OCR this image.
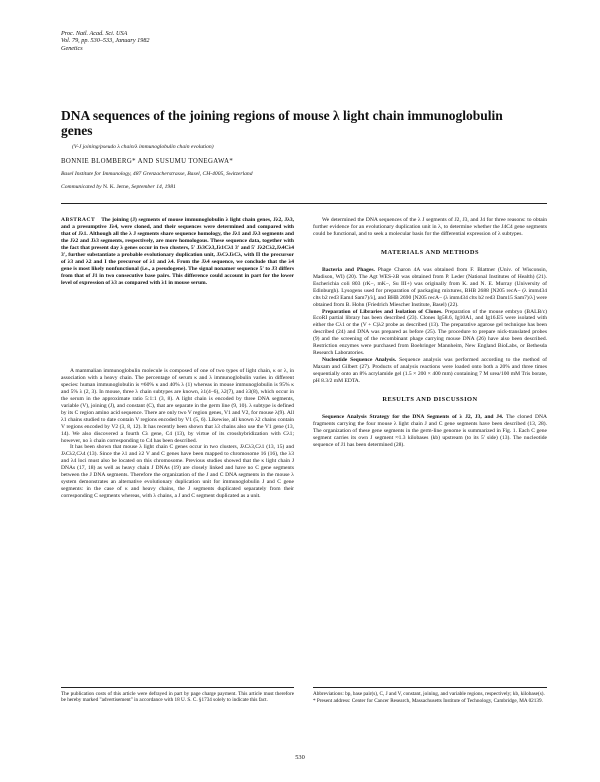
Proc. Natl. Acad. Sci. USA
Vol. 79, pp. 530–533, January 1982
Genetics
DNA sequences of the joining regions of mouse λ light chain immunoglobulin genes
(V-J joining/pseudo λ chain/λ immunoglobulin chain evolution)
BONNIE BLOMBERG* AND SUSUMU TONEGAWA*
Basel Institute for Immunology, 487 Grenzacherstrasse, Basel, CH-4005, Switzerland
Communicated by N. K. Jerne, September 14, 1981

ABSTRACT The joining (J) segments of mouse immunoglobulin λ light chain genes, Jλ2, Jλ3, and a presumptive Jλ4, were cloned, and their sequences were determined and compared with that of Jλ1. Although all the λ J segments share sequence homology, the Jλ1 and Jλ3 segments and the Jλ2 and Jλ3 segments, respectively, are more homologous. These sequence data, together with the fact that present day λ genes occur in two clusters, 5' Jλ3Cλ3,Jλ1Cλ1 3' and 5' Jλ2Cλ2,Jλ4Cλ4 3', further substantiate a probable evolutionary duplication unit, JλCλJλCλ, with Π the precursor of λ3 and λ2 and I the precursor of λ1 and λ4. From the Jλ4 sequence, we conclude that the λ4 gene is most likely nonfunctional (i.e., a pseudogene). The signal nonamer sequence 5' to J3 differs from that of J1 in two consecutive base pairs. This difference could account in part for the lower level of expression of λ3 as compared with λ1 in mouse serum.

A mammalian immunoglobulin molecule is composed of one of two types of light chain, κ or λ, in association with a heavy chain. The percentage of serum κ and λ immunoglobulin varies in different species: human immunoglobulin is ≈60% κ and 40% λ (1) whereas in mouse immunoglobulin is 95% κ and 5% λ (2, 3). In mouse, three λ chain subtypes are known, λ1(4–6), λ2(7), and λ3(8), which occur in the serum in the approximate ratio 5:1:1 (3, 8). A light chain is encoded by three DNA segments, variable (V), joining (J), and constant (C), that are separate in the germ line (9, 10). λ subtype is defined by its C region amino acid sequence. There are only two V region genes, V1 and V2, for mouse λ(9). All λ1 chains studied to date contain V regions encoded by V1 (5, 6). Likewise, all known λ2 chains contain V regions encoded by V2 (3, 8, 12). It has recently been shown that λ3 chains also use the V1 gene (13, 14). We also discovered a fourth Cλ gene, C4 (13), by virtue of its crosshybridization with Cλ1; however, no λ chain corresponding to C4 has been described.

It has been shown that mouse λ light chain C genes occur in two clusters, JλCλ3,Cλ1 (13, 15) and JλCλ2,Cλ4 (13). Since the λ1 and λ2 V and C genes have been mapped to chromosome 16 (16), the λ3 and λ4 loci must also be located on this chromosome. Previous studies showed that the κ light chain J DNAs (17, 18) as well as heavy chain J DNAs (19) are closely linked and have no C gene segments between the J DNA segments. Therefore the organization of the J and C DNA segments in the mouse λ system demonstrates an alternative evolutionary duplication unit for immunoglobulin J and C gene segments: in the case of κ and heavy chains, the J segments duplicated separately from their corresponding C segments whereas, with λ chains, a J and C segment duplicated as a unit.

The publication costs of this article were defrayed in part by page charge payment. This article must therefore be hereby marked "advertisement" in accordance with 18 U. S. C. §1734 solely to indicate this fact.

We determined the DNA sequences of the λ J segments of J2, J3, and J4 for three reasons: to obtain further evidence for an evolutionary duplication unit in λ, to determine whether the J4C4 gene segments could be functional, and to seek a molecular basis for the differential expression of λ subtypes.

MATERIALS AND METHODS

Bacteria and Phages. Phage Charon 4A was obtained from F. Blattner (Univ. of Wisconsin, Madison, WI) (20). The Agt WES-λB was obtained from P. Leder (National Institutes of Health) (21). Escherichia coli 803 (rK−, mK−, Su III+) was originally from K. and N. E. Murray (University of Edinburgh). Lysogens used for preparation of packaging mixtures, BHB 2688 [N205 recA− (λ imm434 clts b2 red3 Eam4 Sam7)/λ], and BHB 2690 [N205 recA− (λ imm434 clts b2 red3 Dam15 Sam7)/λ] were obtained from B. Hohn (Friedrich Miescher Institute, Basel) (22).

Preparation of Libraries and Isolation of Clones. Preparation of the mouse embryo (BALB/c) EcoRI partial library has been described (23). Clones Ig58.6, Ig10A1, and Ig16.E5 were isolated with either the Cλ1 or the (V + C)λ2 probe as described (13). The preparative agarose gel technique has been described (24) and DNA was prepared as before (25). The procedure to prepare nick-translated probes (9) and the screening of the recombinant phage carrying mouse DNA (26) have also been described. Restriction enzymes were purchased from Boehringer Mannheim, New England BioLabs, or Bethesda Research Laboratories.

Nucleotide Sequence Analysis. Sequence analysis was performed according to the method of Maxam and Gilbert (27). Products of analysis reactions were loaded onto both a 20% and three times sequentially onto an 8% acrylamide gel (1.5 × 200 × 400 mm) containing 7 M urea/100 mM Tris borate, pH 8.3/2 mM EDTA.

RESULTS AND DISCUSSION

Sequence Analysis Strategy for the DNA Segments of λ J2, J3, and J4. The cloned DNA fragments carrying the four mouse λ light chain J and C gene segments have been described (13, 28). The organization of these gene segments in the germ-line genome is summarized in Fig. 1. Each C gene segment carries its own J segment ≈1.3 kilobases (kb) upstream (to its 5' side) (13). The nucleotide sequence of J1 has been determined (28).

Abbreviations: bp, base pair(s), C, J and V, constant, joining, and variable regions, respectively; kb, kilobase(s).

* Present address: Center for Cancer Research, Massachusetts Institute of Technology, Cambridge, MA 02139.

530
